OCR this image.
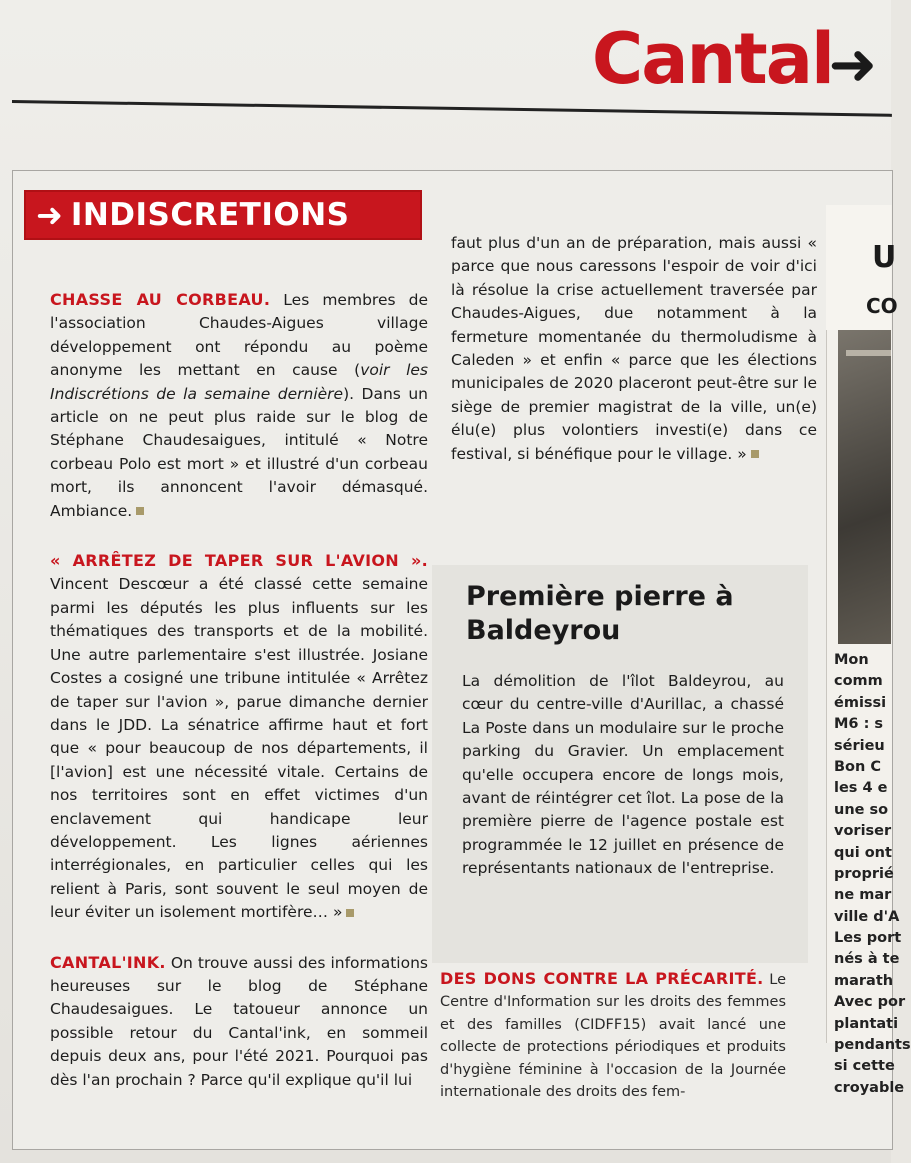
Cantal
➜
➜ INDISCRETIONS

CHASSE AU CORBEAU. Les membres de l'association Chaudes-Aigues village développement ont répondu au poème anonyme les mettant en cause (voir les Indiscrétions de la semaine dernière). Dans un article on ne peut plus raide sur le blog de Stéphane Chaudesaigues, intitulé « Notre corbeau Polo est mort » et illustré d'un corbeau mort, ils annoncent l'avoir démasqué. Ambiance.

« ARRÊTEZ DE TAPER SUR L'AVION ». Vincent Descœur a été classé cette semaine parmi les députés les plus influents sur les thématiques des transports et de la mobilité. Une autre parlementaire s'est illustrée. Josiane Costes a cosigné une tribune intitulée « Arrêtez de taper sur l'avion », parue dimanche dernier dans le JDD. La sénatrice affirme haut et fort que « pour beaucoup de nos départements, il [l'avion] est une nécessité vitale. Certains de nos territoires sont en effet victimes d'un enclavement qui handicape leur développement. Les lignes aériennes interrégionales, en particulier celles qui les relient à Paris, sont souvent le seul moyen de leur éviter un isolement mortifère… »

CANTAL'INK. On trouve aussi des informations heureuses sur le blog de Stéphane Chaudesaigues. Le tatoueur annonce un possible retour du Cantal'ink, en sommeil depuis deux ans, pour l'été 2021. Pourquoi pas dès l'an prochain ? Parce qu'il explique qu'il lui

faut plus d'un an de préparation, mais aussi « parce que nous caressons l'espoir de voir d'ici là résolue la crise actuellement traversée par Chaudes-Aigues, due notamment à la fermeture momentanée du thermoludisme à Caleden » et enfin « parce que les élections municipales de 2020 placeront peut-être sur le siège de premier magistrat de la ville, un(e) élu(e) plus volontiers investi(e) dans ce festival, si bénéfique pour le village. »

Première pierre à Baldeyrou

La démolition de l'îlot Baldeyrou, au cœur du centre-ville d'Aurillac, a chassé La Poste dans un modulaire sur le proche parking du Gravier. Un emplacement qu'elle occupera encore de longs mois, avant de réintégrer cet îlot. La pose de la première pierre de l'agence postale est programmée le 12 juillet en présence de représentants nationaux de l'entreprise.

DES DONS CONTRE LA PRÉCARITÉ. Le Centre d'Information sur les droits des femmes et des familles (CIDFF15) avait lancé une collecte de protections périodiques et produits d'hygiène féminine à l'occasion de la Journée internationale des droits des fem-

U
CO
Mon
comm
émissi
M6 : s
sérieu
Bon C
les 4 e
une so
voriser
qui ont
proprié
ne mar
ville d'A
Les port
nés à te
marath
Avec por
plantati
pendants
si cette
croyable
